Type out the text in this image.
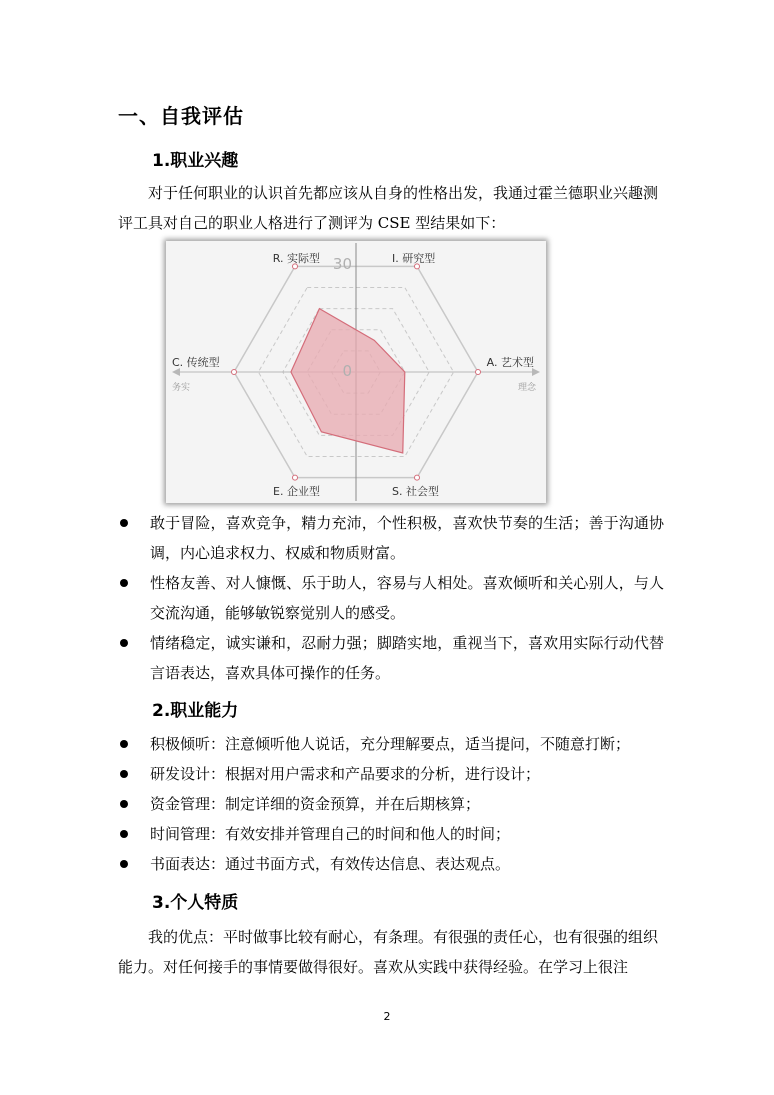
一、自我评估
1.职业兴趣

对于任何职业的认识首先都应该从自身的性格出发，我通过霍兰德职业兴趣测评工具对自己的职业人格进行了测评为 CSE 型结果如下：

30
0
R. 实际型	I. 研究型
A. 艺术型
S. 社会型
E. 企业型
C. 传统型
务实	理念
敢于冒险，喜欢竞争，精力充沛，个性积极，喜欢快节奏的生活；善于沟通协调，内心追求权力、权威和物质财富。
性格友善、对人慷慨、乐于助人，容易与人相处。喜欢倾听和关心别人，与人交流沟通，能够敏锐察觉别人的感受。
情绪稳定，诚实谦和，忍耐力强；脚踏实地，重视当下，喜欢用实际行动代替言语表达，喜欢具体可操作的任务。
2.职业能力
积极倾听：注意倾听他人说话，充分理解要点，适当提问，不随意打断；
研发设计：根据对用户需求和产品要求的分析，进行设计；
资金管理：制定详细的资金预算，并在后期核算；
时间管理：有效安排并管理自己的时间和他人的时间；
书面表达：通过书面方式，有效传达信息、表达观点。
3.个人特质

我的优点：平时做事比较有耐心，有条理。有很强的责任心，也有很强的组织能力。对任何接手的事情要做得很好。喜欢从实践中获得经验。在学习上很注

2
